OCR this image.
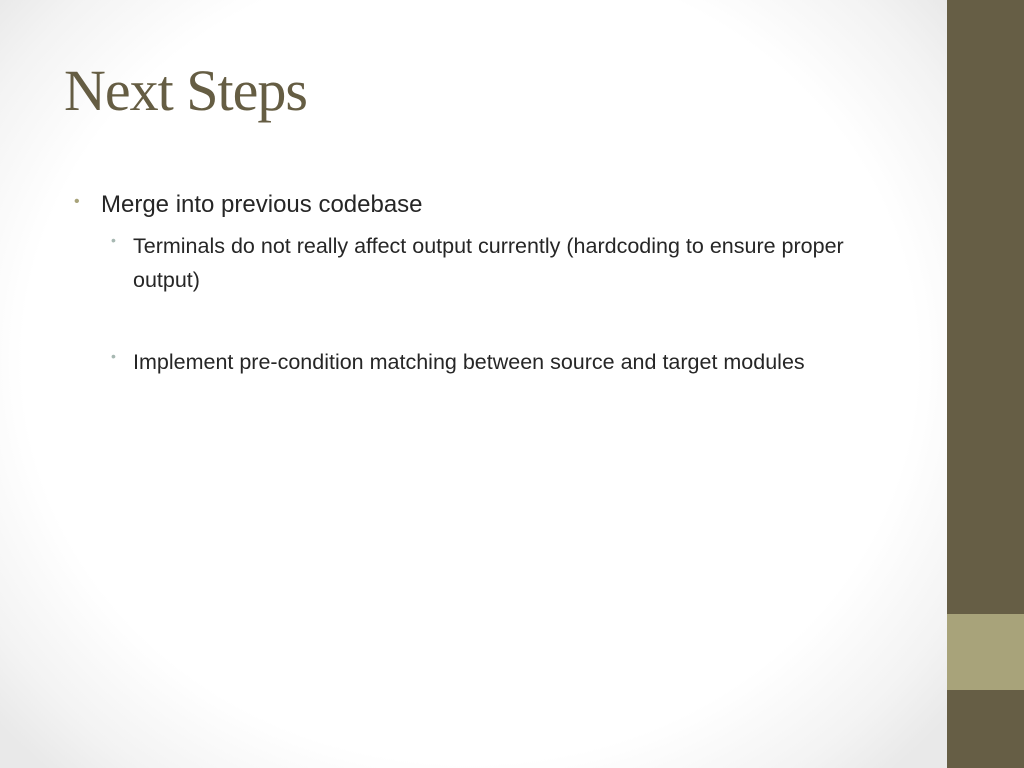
Next Steps
• Merge into previous codebase
• Terminals do not really affect output currently (hardcoding to ensure proper output)
• Implement pre-condition matching between source and target modules
